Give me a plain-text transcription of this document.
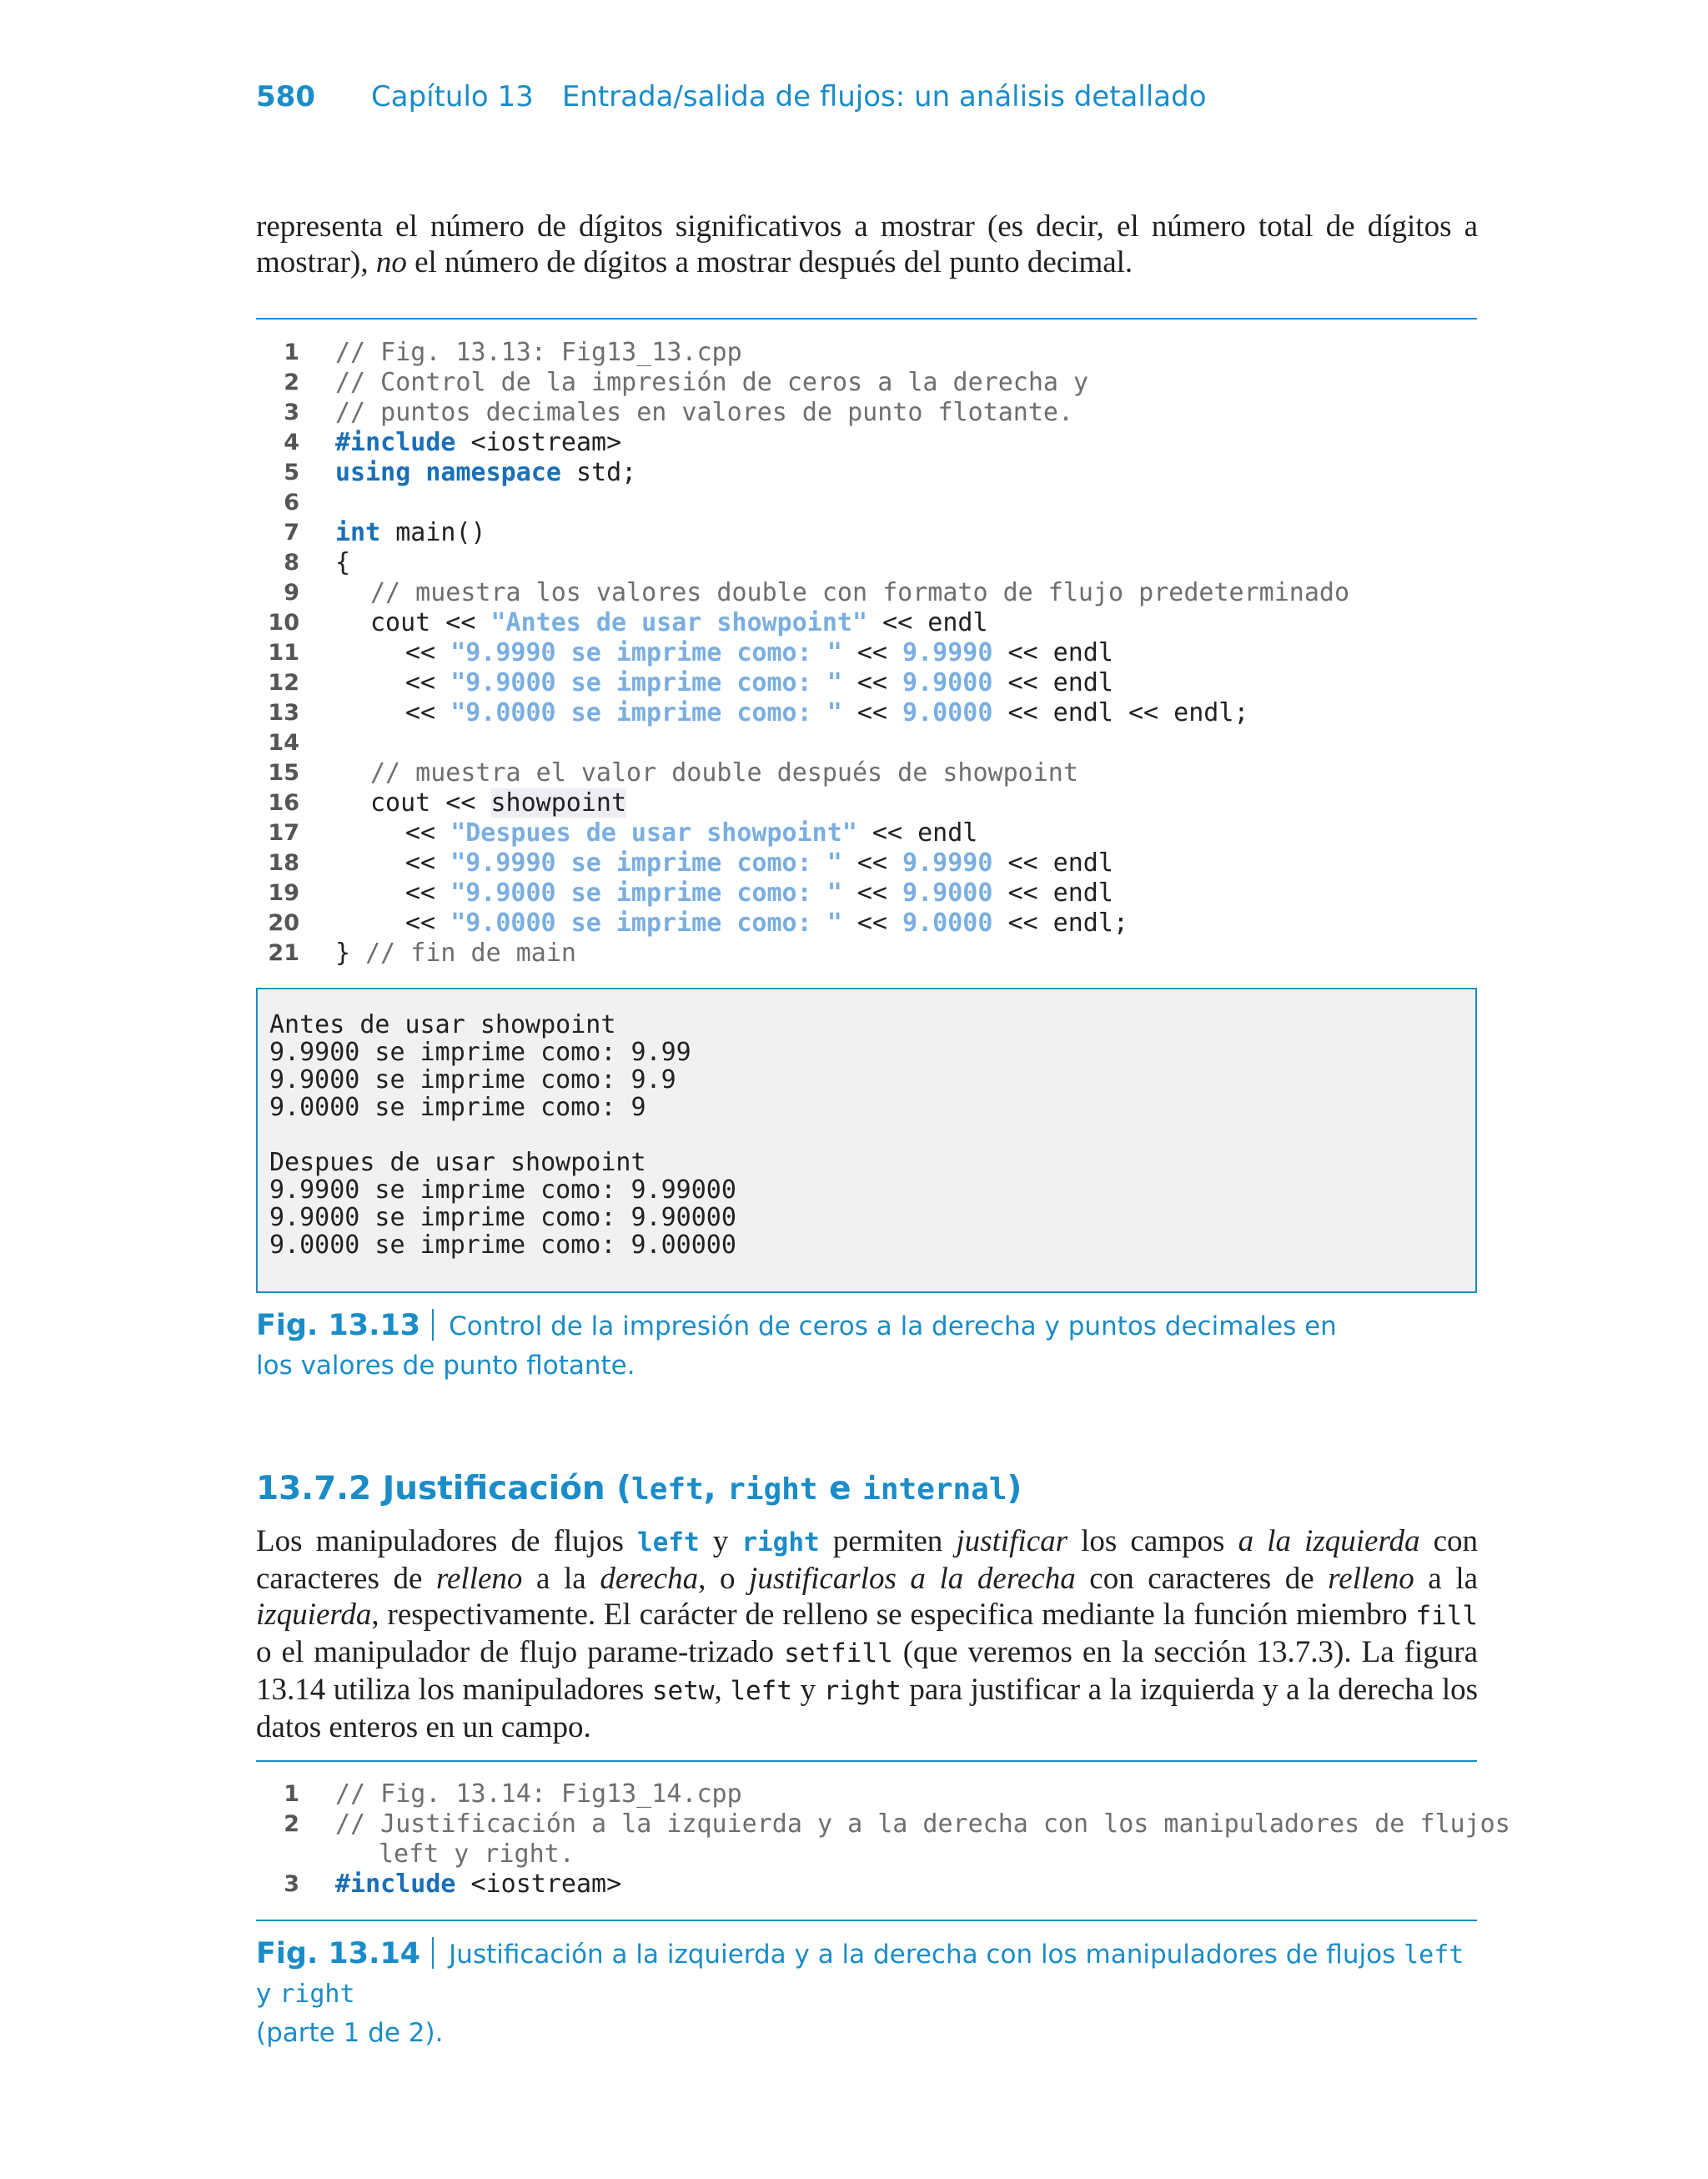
580 Capítulo 13 Entrada/salida de flujos: un análisis detallado
representa el número de dígitos significativos a mostrar (es decir, el número total de dígitos a mostrar), no el número de dígitos a mostrar después del punto decimal.
1 // Fig. 13.13: Fig13_13.cpp
2 // Control de la impresión de ceros a la derecha y
3 // puntos decimales en valores de punto flotante.
4 #include <iostream>
5 using namespace std;
6
7 int main()
8 {
9	// muestra los valores double con formato de flujo predeterminado
10	cout << "Antes de usar showpoint" << endl
11	<< "9.9990 se imprime como: " << 9.9990 << endl
12	<< "9.9000 se imprime como: " << 9.9000 << endl
13	<< "9.0000 se imprime como: " << 9.0000 << endl << endl;
14
15	// muestra el valor double después de showpoint
16	cout << showpoint
17	<< "Despues de usar showpoint" << endl
18	<< "9.9990 se imprime como: " << 9.9990 << endl
19	<< "9.9000 se imprime como: " << 9.9000 << endl
20	<< "9.0000 se imprime como: " << 9.0000 << endl;
21 } // fin de main
Antes de usar showpoint
9.9900 se imprime como: 9.99
9.9000 se imprime como: 9.9
9.0000 se imprime como: 9
Despues de usar showpoint
9.9900 se imprime como: 9.99000
9.9000 se imprime como: 9.90000
9.0000 se imprime como: 9.00000
Fig. 13.13 Control de la impresión de ceros a la derecha y puntos decimales en los valores de punto flotante.
13.7.2 Justificación (left, right e internal)
Los manipuladores de flujos left y right permiten justificar los campos a la izquierda con caracteres de relleno a la derecha, o justificarlos a la derecha con caracteres de relleno a la izquierda, respectivamente. El carácter de relleno se especifica mediante la función miembro fill o el manipulador de flujo parame-trizado setfill (que veremos en la sección 13.7.3). La figura 13.14 utiliza los manipuladores setw, left y right para justificar a la izquierda y a la derecha los datos enteros en un campo.
1 // Fig. 13.14: Fig13_14.cpp
2 // Justificación a la izquierda y a la derecha con los manipuladores de flujos
left y right.
3 #include <iostream>
Fig. 13.14 Justificación a la izquierda y a la derecha con los manipuladores de flujos left y right
(parte 1 de 2).
